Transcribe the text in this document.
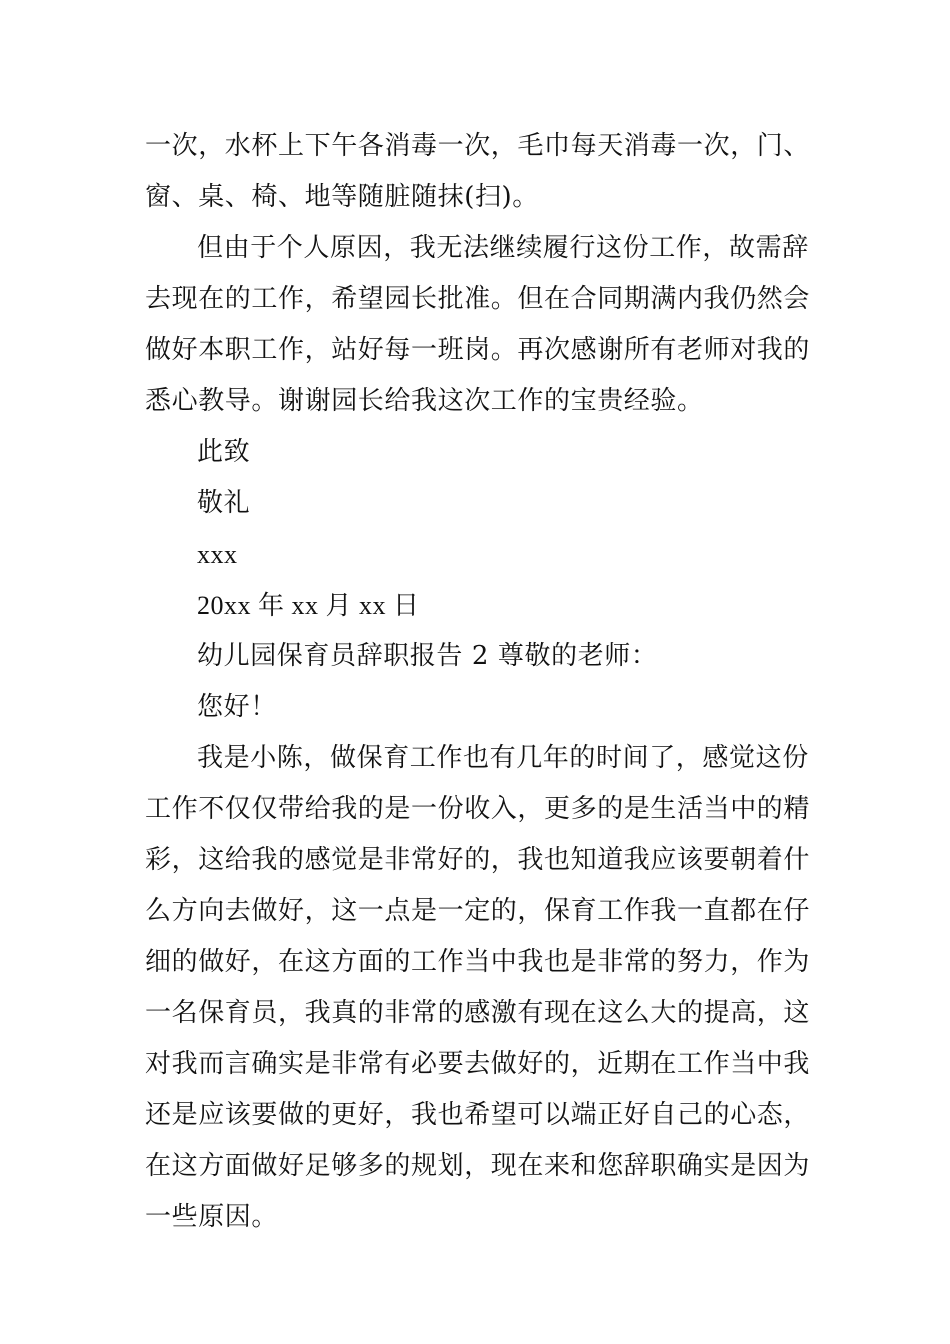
一次，水杯上下午各消毒一次，毛巾每天消毒一次，门、
窗、桌、椅、地等随脏随抹(扫)。
但由于个人原因，我无法继续履行这份工作，故需辞
去现在的工作，希望园长批准。但在合同期满内我仍然会
做好本职工作，站好每一班岗。再次感谢所有老师对我的
悉心教导。谢谢园长给我这次工作的宝贵经验。
此致
敬礼
xxx
20xx 年 xx 月 xx 日
幼儿园保育员辞职报告 2 尊敬的老师：
您好！
我是小陈，做保育工作也有几年的时间了，感觉这份
工作不仅仅带给我的是一份收入，更多的是生活当中的精
彩，这给我的感觉是非常好的，我也知道我应该要朝着什
么方向去做好，这一点是一定的，保育工作我一直都在仔
细的做好，在这方面的工作当中我也是非常的努力，作为
一名保育员，我真的非常的感激有现在这么大的提高，这
对我而言确实是非常有必要去做好的，近期在工作当中我
还是应该要做的更好，我也希望可以端正好自己的心态，
在这方面做好足够多的规划，现在来和您辞职确实是因为
一些原因。
